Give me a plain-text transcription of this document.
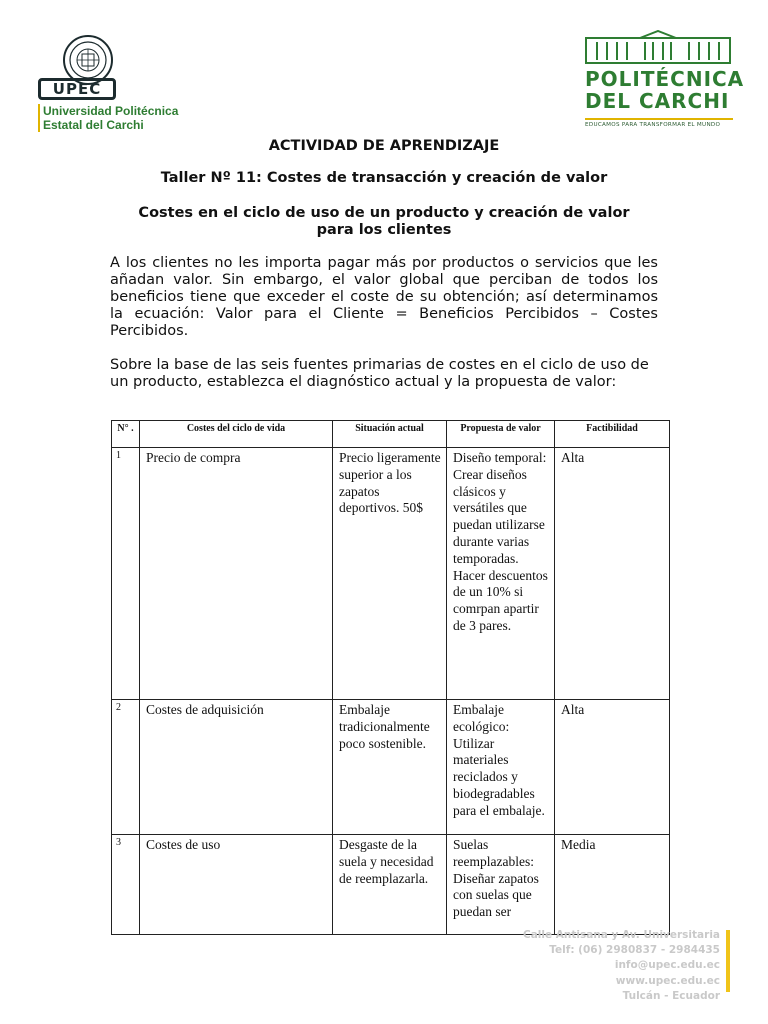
UPEC
Universidad Politécnica
Estatal del Carchi
POLITÉCNICA
DEL CARCHI
EDUCAMOS PARA TRANSFORMAR EL MUNDO
ACTIVIDAD DE APRENDIZAJE
Taller Nº 11: Costes de transacción y creación de valor
Costes en el ciclo de uso de un producto y creación de valor para los clientes
A los clientes no les importa pagar más por productos o servicios que les añadan valor. Sin embargo, el valor global que perciban de todos los beneficios tiene que exceder el coste de su obtención; así determinamos la ecuación: Valor para el Cliente = Beneficios Percibidos – Costes Percibidos.
Sobre la base de las seis fuentes primarias de costes en el ciclo de uso de un producto, establezca el diagnóstico actual y la propuesta de valor:
N° .	Costes del ciclo de vida	Situación actual	Propuesta de valor	Factibilidad
1	Precio de compra	Precio ligeramente superior a los zapatos deportivos. 50$	Diseño temporal: Crear diseños clásicos y versátiles que puedan utilizarse durante varias temporadas. Hacer descuentos de un 10% si comrpan apartir de 3 pares.	Alta
2	Costes de adquisición	Embalaje tradicionalmente poco sostenible.	Embalaje ecológico: Utilizar materiales reciclados y biodegradables para el embalaje.	Alta
3	Costes de uso	Desgaste de la suela y necesidad de reemplazarla.	Suelas reemplazables: Diseñar zapatos con suelas que puedan ser	Media
Calle Antisana y Av. Universitaria
Telf: (06) 2980837 - 2984435
info@upec.edu.ec
www.upec.edu.ec
Tulcán - Ecuador
